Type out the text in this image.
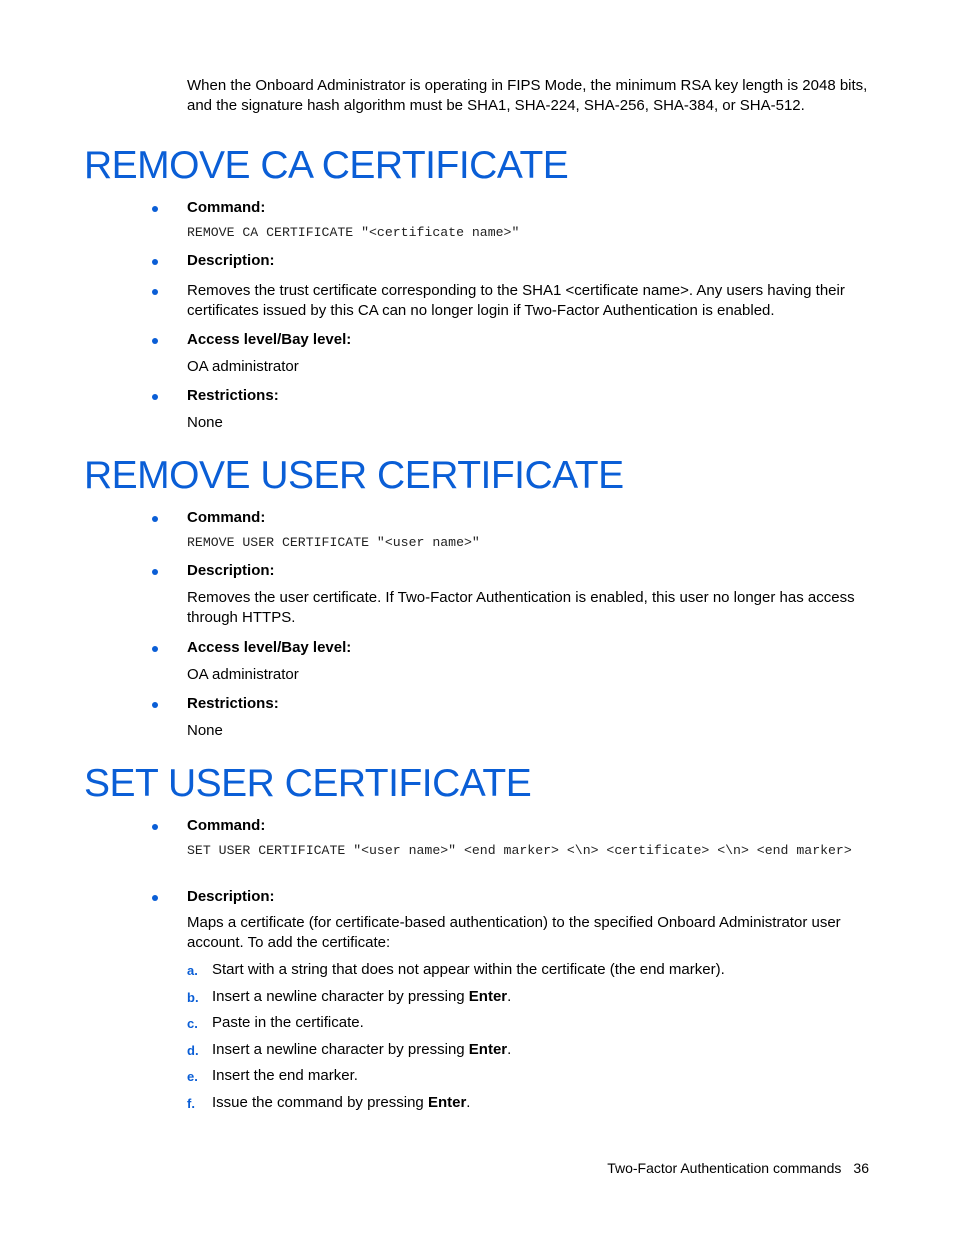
When the Onboard Administrator is operating in FIPS Mode, the minimum RSA key length is 2048 bits, and the signature hash algorithm must be SHA1, SHA-224, SHA-256, SHA-384, or SHA-512.
REMOVE CA CERTIFICATE
Command:
REMOVE CA CERTIFICATE "<certificate name>"
Description:
Removes the trust certificate corresponding to the SHA1 <certificate name>. Any users having their certificates issued by this CA can no longer login if Two-Factor Authentication is enabled.
Access level/Bay level:
OA administrator
Restrictions:
None
REMOVE USER CERTIFICATE
Command:
REMOVE USER CERTIFICATE "<user name>"
Description:
Removes the user certificate. If Two-Factor Authentication is enabled, this user no longer has access through HTTPS.
Access level/Bay level:
OA administrator
Restrictions:
None
SET USER CERTIFICATE
Command:
SET USER CERTIFICATE "<user name>" <end marker> <\n> <certificate> <\n> <end marker>
Description:
Maps a certificate (for certificate-based authentication) to the specified Onboard Administrator user account. To add the certificate:
a. Start with a string that does not appear within the certificate (the end marker).
b. Insert a newline character by pressing Enter.
c. Paste in the certificate.
d. Insert a newline character by pressing Enter.
e. Insert the end marker.
f.	Issue the command by pressing Enter.
Two-Factor Authentication commands 36
